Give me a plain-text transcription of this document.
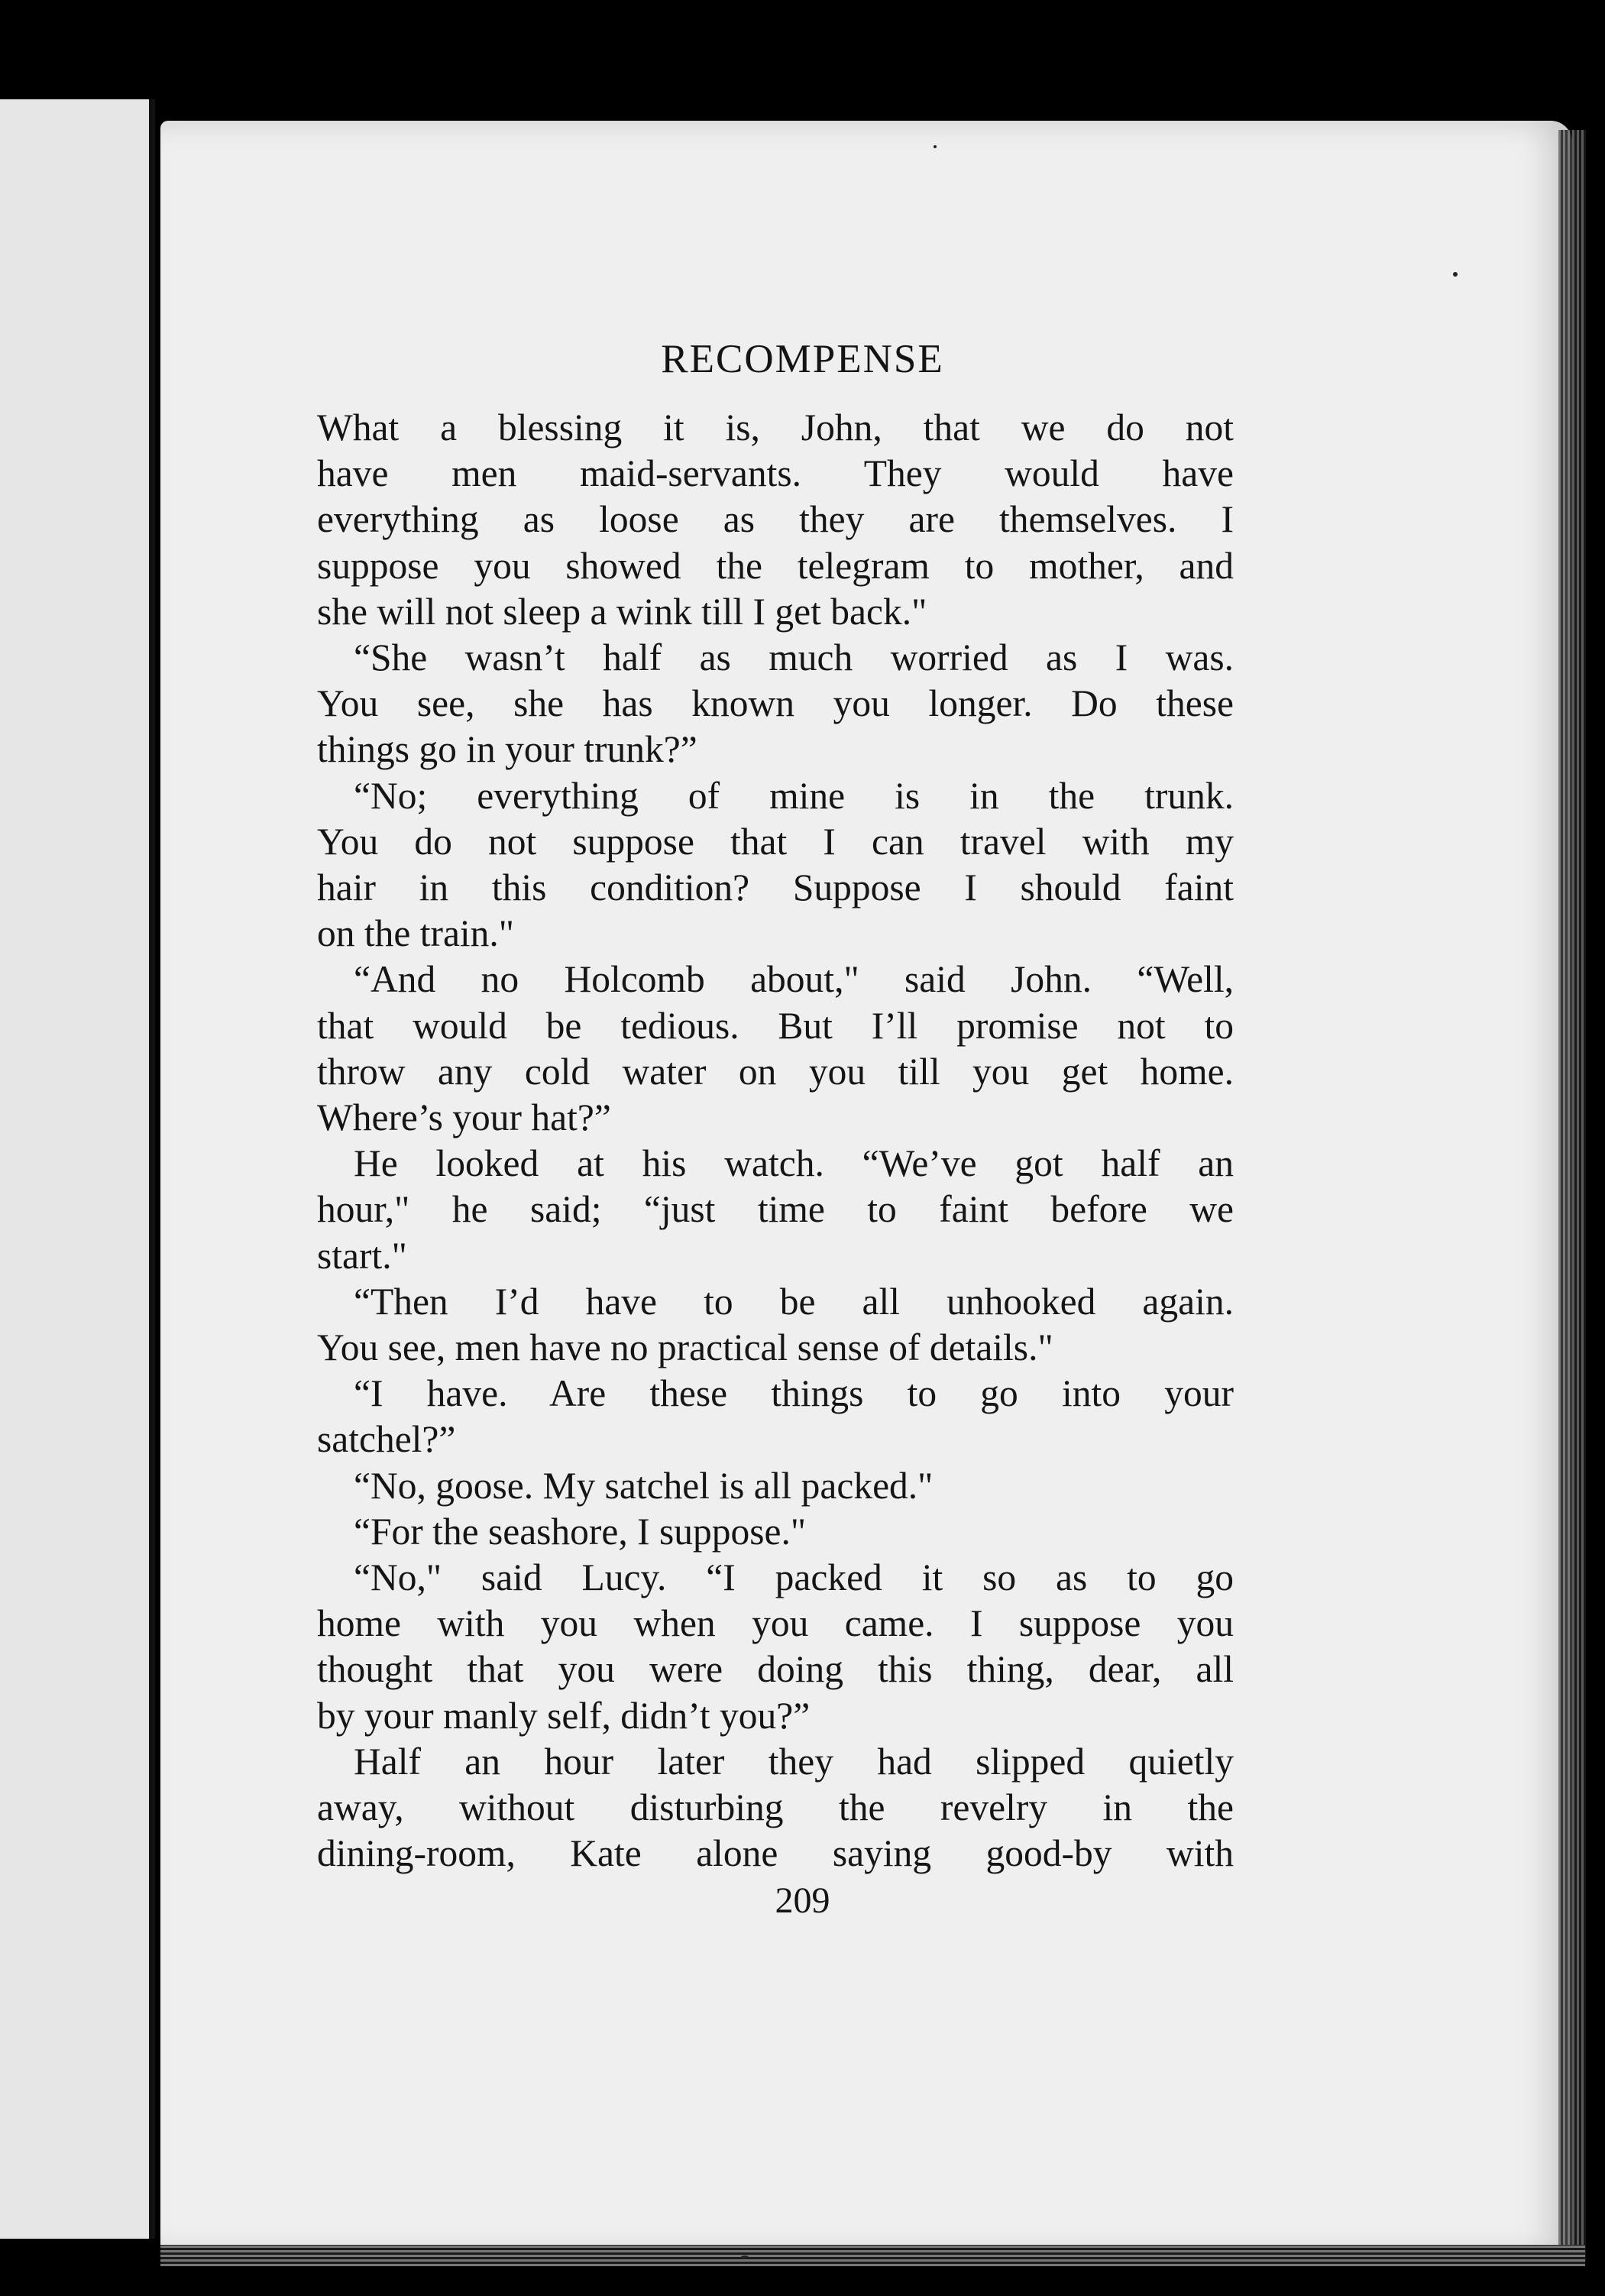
RECOMPENSE
What a blessing it is, John, that we do not
have men maid-servants. They would have
everything as loose as they are themselves. I
suppose you showed the telegram to mother, and
she will not sleep a wink till I get back."
“She wasn’t half as much worried as I was.
You see, she has known you longer. Do these
things go in your trunk?”
“No; everything of mine is in the trunk.
You do not suppose that I can travel with my
hair in this condition? Suppose I should faint
on the train."
“And no Holcomb about," said John. “Well,
that would be tedious. But I’ll promise not to
throw any cold water on you till you get home.
Where’s your hat?”
He looked at his watch. “We’ve got half an
hour," he said; “just time to faint before we
start."
“Then I’d have to be all unhooked again.
You see, men have no practical sense of details."
“I have. Are these things to go into your
satchel?”
“No, goose. My satchel is all packed."
“For the seashore, I suppose."
“No," said Lucy. “I packed it so as to go
home with you when you came. I suppose you
thought that you were doing this thing, dear, all
by your manly self, didn’t you?”
Half an hour later they had slipped quietly
away, without disturbing the revelry in the
dining-room, Kate alone saying good-by with
209
